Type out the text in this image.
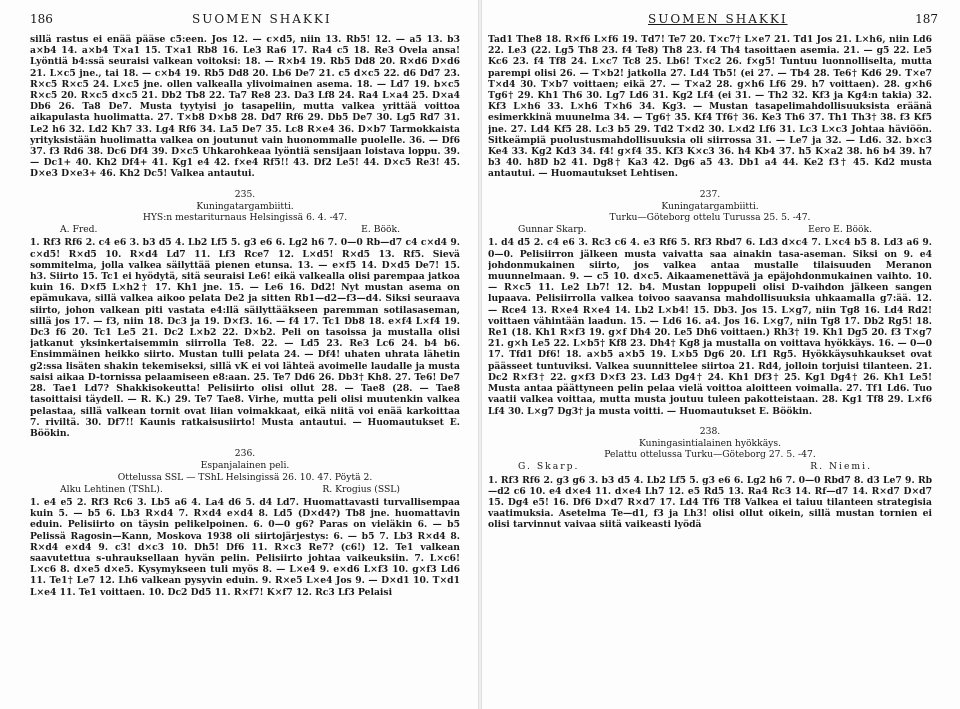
186	SUOMEN SHAKKI

sillä rastus ei enää pääse c5:een. Jos 12. — c×d5, niin 13. Rb5! 12. — a5 13. b3 a×b4 14. a×b4 T×a1 15. T×a1 Rb8 16. Le3 Ra6 17. Ra4 c5 18. Re3 Ovela ansa! Lyöntiä b4:ssä seuraisi valkean voitoksi: 18. — R×b4 19. Rb5 Dd8 20. R×d6 D×d6 21. L×c5 jne., tai 18. — c×b4 19. Rb5 Dd8 20. Lb6 De7 21. c5 d×c5 22. d6 Dd7 23. R×c5 R×c5 24. L×c5 jne. ollen valkealla ylivoimainen asema. 18. — Ld7 19. b×c5 R×c5 20. R×c5 d×c5 21. Db2 Tb8 22. Ta7 Re8 23. Da3 Lf8 24. Ra4 L×a4 25. D×a4 Db6 26. Ta8 De7. Musta tyytyisi jo tasapeliin, mutta valkea yrittää voittoa aikapulasta huolimatta. 27. T×b8 D×b8 28. Dd7 Rf6 29. Db5 De7 30. Lg5 Rd7 31. Le2 h6 32. Ld2 Kh7 33. Lg4 Rf6 34. La5 De7 35. Lc8 R×e4 36. D×b7 Tarmokkaista yrityksistään huolimatta valkea on joutunut vain huonommalle puolelle. 36. — Df6 37. f3 Rd6 38. Dc6 Df4 39. D×c5 Uhkarohkeaa lyöntiä sensijaan loistava loppu. 39. — Dc1+ 40. Kh2 Df4+ 41. Kg1 e4 42. f×e4 Rf5!! 43. Df2 Le5! 44. D×c5 Re3! 45. D×e3 D×e3+ 46. Kh2 Dc5! Valkea antautui.

235.
Kuningatargambiitti.
HYS:n mestariturnaus Helsingissä 6. 4. -47.
A. Fred.	E. Böök.

1. Rf3 Rf6 2. c4 e6 3. b3 d5 4. Lb2 Lf5 5. g3 e6 6. Lg2 h6 7. 0—0 Rb—d7 c4 c×d4 9. c×d5! R×d5 10. R×d4 Ld7 11. Lf3 Rce7 12. L×d5! R×d5 13. Rf5. Sievä sommitelma, jolla valkea säilyttää pienen etunsa. 13. — e×f5 14. D×d5 De7! 15. h3. Siirto 15. Tc1 ei hyödytä, sitä seuraisi Le6! eikä valkealla olisi parempaa jatkoa kuin 16. D×f5 L×h2† 17. Kh1 jne. 15. — Le6 16. Dd2! Nyt mustan asema on epämukava, sillä valkea aikoo pelata De2 ja sitten Rb1—d2—f3—d4. Siksi seuraava siirto, johon valkean piti vastata e4:llä säilyttääkseen paremman sotilasaseman, sillä jos 17. — f3, niin 18. Dc3 ja 19. D×f3. 16. — f4 17. Tc1 Db8 18. e×f4 L×f4 19. Dc3 f6 20. Tc1 Le5 21. Dc2 L×b2 22. D×b2. Peli on tasoissa ja mustalla olisi jatkanut yksinkertaisemmin siirrolla Te8. 22. — Ld5 23. Re3 Lc6 24. b4 b6. Ensimmäinen heikko siirto. Mustan tulli pelata 24. — Df4! uhaten uhrata lähetin g2:ssa lisäten shakin tekemiseksi, sillä vK ei voi lähteä avoimelle laudalle ja musta saisi aikaa D-tornissa pelaamiseen e8:aan. 25. Te7 Dd6 26. Db3† Kh8. 27. Te6! De7 28. Tae1 Ld7? Shakkisokeutta! Pelisiirto olisi ollut 28. — Tae8 (28. — Tae8 tasoittaisi täydell. — R. K.) 29. Te7 Tae8. Virhe, mutta peli olisi muutenkin valkea pelastaa, sillä valkean tornit ovat liian voimakkaat, eikä niitä voi enää karkoittaa 7. riviltä. 30. Df7!! Kaunis ratkaisusiirto! Musta antautui. — Huomautukset E. Böökin.

236.
Espanjalainen peli.
Ottelussa SSL — TShL Helsingissä 26. 10. 47. Pöytä 2.
Alku Lehtinen (TShL).	R. Krogius (SSL)

1. e4 e5 2. Rf3 Rc6 3. Lb5 a6 4. La4 d6 5. d4 Ld7. Huomattavasti turvallisempaa kuin 5. — b5 6. Lb3 R×d4 7. R×d4 e×d4 8. Ld5 (D×d4?) Tb8 jne. huomattavin eduin. Pelisiirto on täysin pelikelpoinen. 6. 0—0 g6? Paras on vieläkin 6. — b5 Pelissä Ragosin—Kann, Moskova 1938 oli siirtojärjestys: 6. — b5 7. Lb3 R×d4 8. R×d4 e×d4 9. c3! d×c3 10. Dh5! Df6 11. R×c3 Re7? (c6!) 12. Te1 valkean saavutettua s-uhrauksellaan hyvän pelin. Pelisiirto johtaa vaikeuksiin. 7. L×c6! L×c6 8. d×e5 d×e5. Kysymykseen tuli myös 8. — L×e4 9. e×d6 L×f3 10. g×f3 Ld6 11. Te1† Le7 12. Lh6 valkean pysyvin eduin. 9. R×e5 L×e4 Jos 9. — D×d1 10. T×d1 L×e4 11. Te1 voittaen. 10. Dc2 Dd5 11. R×f7! K×f7 12. Rc3 Lf3 Pelaisi

SUOMEN SHAKKI	187

Tad1 The8 18. R×f6 L×f6 19. Td7! Te7 20. T×c7† L×e7 21. Td1 Jos 21. L×h6, niin Ld6 22. Le3 (22. Lg5 Th8 23. f4 Te8) Th8 23. f4 Th4 tasoittaen asemia. 21. — g5 22. Le5 Kc6 23. f4 Tf8 24. L×c7 Tc8 25. Lb6! T×c2 26. f×g5! Tuntuu luonnolliselta, mutta parempi olisi 26. — T×b2! jatkolla 27. Ld4 Tb5! (ei 27. — Tb4 28. Te6† Kd6 29. T×e7 T×d4 30. T×b7 voittaen; eikä 27. — T×a2 28. g×h6 Lf6 29. h7 voittaen). 28. g×h6 Tg6† 29. Kh1 Th6 30. Lg7 Ld6 31. Kg2 Lf4 (ei 31. — Th2 32. Kf3 ja Kg4:n takia) 32. Kf3 L×h6 33. L×h6 T×h6 34. Kg3. — Mustan tasapelimahdollisuuksista eräänä esimerkkinä muunelma 34. — Tg6† 35. Kf4 Tf6† 36. Ke3 Th6 37. Th1 Th3† 38. f3 Kf5 jne. 27. Ld4 Kf5 28. Lc3 b5 29. Td2 T×d2 30. L×d2 Lf6 31. Lc3 L×c3 Johtaa häviöön. Sitkeämpiä puolustusmahdollisuuksia oli siirrossa 31. — Le7 ja 32. — Ld6. 32. b×c3 Ke4 33. Kg2 Kd3 34. f4! g×f4 35. Kf3 K×c3 36. h4 Kb4 37. h5 K×a2 38. h6 b4 39. h7 b3 40. h8D b2 41. Dg8† Ka3 42. Dg6 a5 43. Db1 a4 44. Ke2 f3† 45. Kd2 musta antautui. — Huomautukset Lehtisen.

237.
Kuningatargambiitti.
Turku—Göteborg ottelu Turussa 25. 5. -47.
Gunnar Skarp.	Eero E. Böök.

1. d4 d5 2. c4 e6 3. Rc3 c6 4. e3 Rf6 5. Rf3 Rbd7 6. Ld3 d×c4 7. L×c4 b5 8. Ld3 a6 9. 0—0. Pelisiirron jälkeen musta vaivatta saa ainakin tasa-aseman. Siksi on 9. e4 johdonmukainen siirto, jos valkea antaa mustalle tilaisuuden Meranon muunnelmaan. 9. — c5 10. d×c5. Aikaamenettävä ja epäjohdonmukainen vaihto. 10. — R×c5 11. Le2 Lb7! 12. b4. Mustan loppupeli olisi D-vaihdon jälkeen sangen lupaava. Pelisiirrolla valkea toivoo saavansa mahdollisuuksia uhkaamalla g7:ää. 12. — Rce4 13. R×e4 R×e4 14. Lb2 L×b4! 15. Db3. Jos 15. L×g7, niin Tg8 16. Ld4 Rd2! voittaen vähintään laadun. 15. — Ld6 16. a4. Jos 16. L×g7, niin Tg8 17. Db2 Rg5! 18. Re1 (18. Kh1 R×f3 19. g×f Dh4 20. Le5 Dh6 voittaen.) Rh3† 19. Kh1 Dg5 20. f3 T×g7 21. g×h Le5 22. L×b5† Kf8 23. Dh4† Kg8 ja mustalla on voittava hyökkäys. 16. — 0—0 17. Tfd1 Df6! 18. a×b5 a×b5 19. L×b5 Dg6 20. Lf1 Rg5. Hyökkäysuhkaukset ovat päässeet tuntuviksi. Valkea suunnittelee siirtoa 21. Rd4, jolloin torjuisi tilanteen. 21. Dc2 R×f3† 22. g×f3 D×f3 23. Ld3 Dg4† 24. Kh1 Df3† 25. Kg1 Dg4† 26. Kh1 Le5! Musta antaa päättyneen pelin pelaa vielä voittoa aloitteen voimalla. 27. Tf1 Ld6. Tuo vaatii valkea voittaa, mutta musta joutuu tuleen pakotteistaan. 28. Kg1 Tf8 29. L×f6 Lf4 30. L×g7 Dg3† ja musta voitti. — Huomautukset E. Böökin.

238.
Kuningasintialainen hyökkäys.
Pelattu ottelussa Turku—Göteborg 27. 5. -47.
G. Skarp.	R. Niemi.

1. Rf3 Rf6 2. g3 g6 3. b3 d5 4. Lb2 Lf5 5. g3 e6 6. Lg2 h6 7. 0—0 Rbd7 8. d3 Le7 9. Rb—d2 c6 10. e4 d×e4 11. d×e4 Lh7 12. e5 Rd5 13. Ra4 Rc3 14. Rf—d7 14. R×d7 D×d7 15. Dg4 e5! 16. Df6 D×d7 R×d7 17. Ld4 Tf6 Tf8 Valkea ei taiuu tilanteen strategisia vaatimuksia. Asetelma Te—d1, f3 ja Lh3! olisi ollut oikein, sillä mustan tornien ei olisi tarvinnut vaivaa siitä vaikeasti lyödä
